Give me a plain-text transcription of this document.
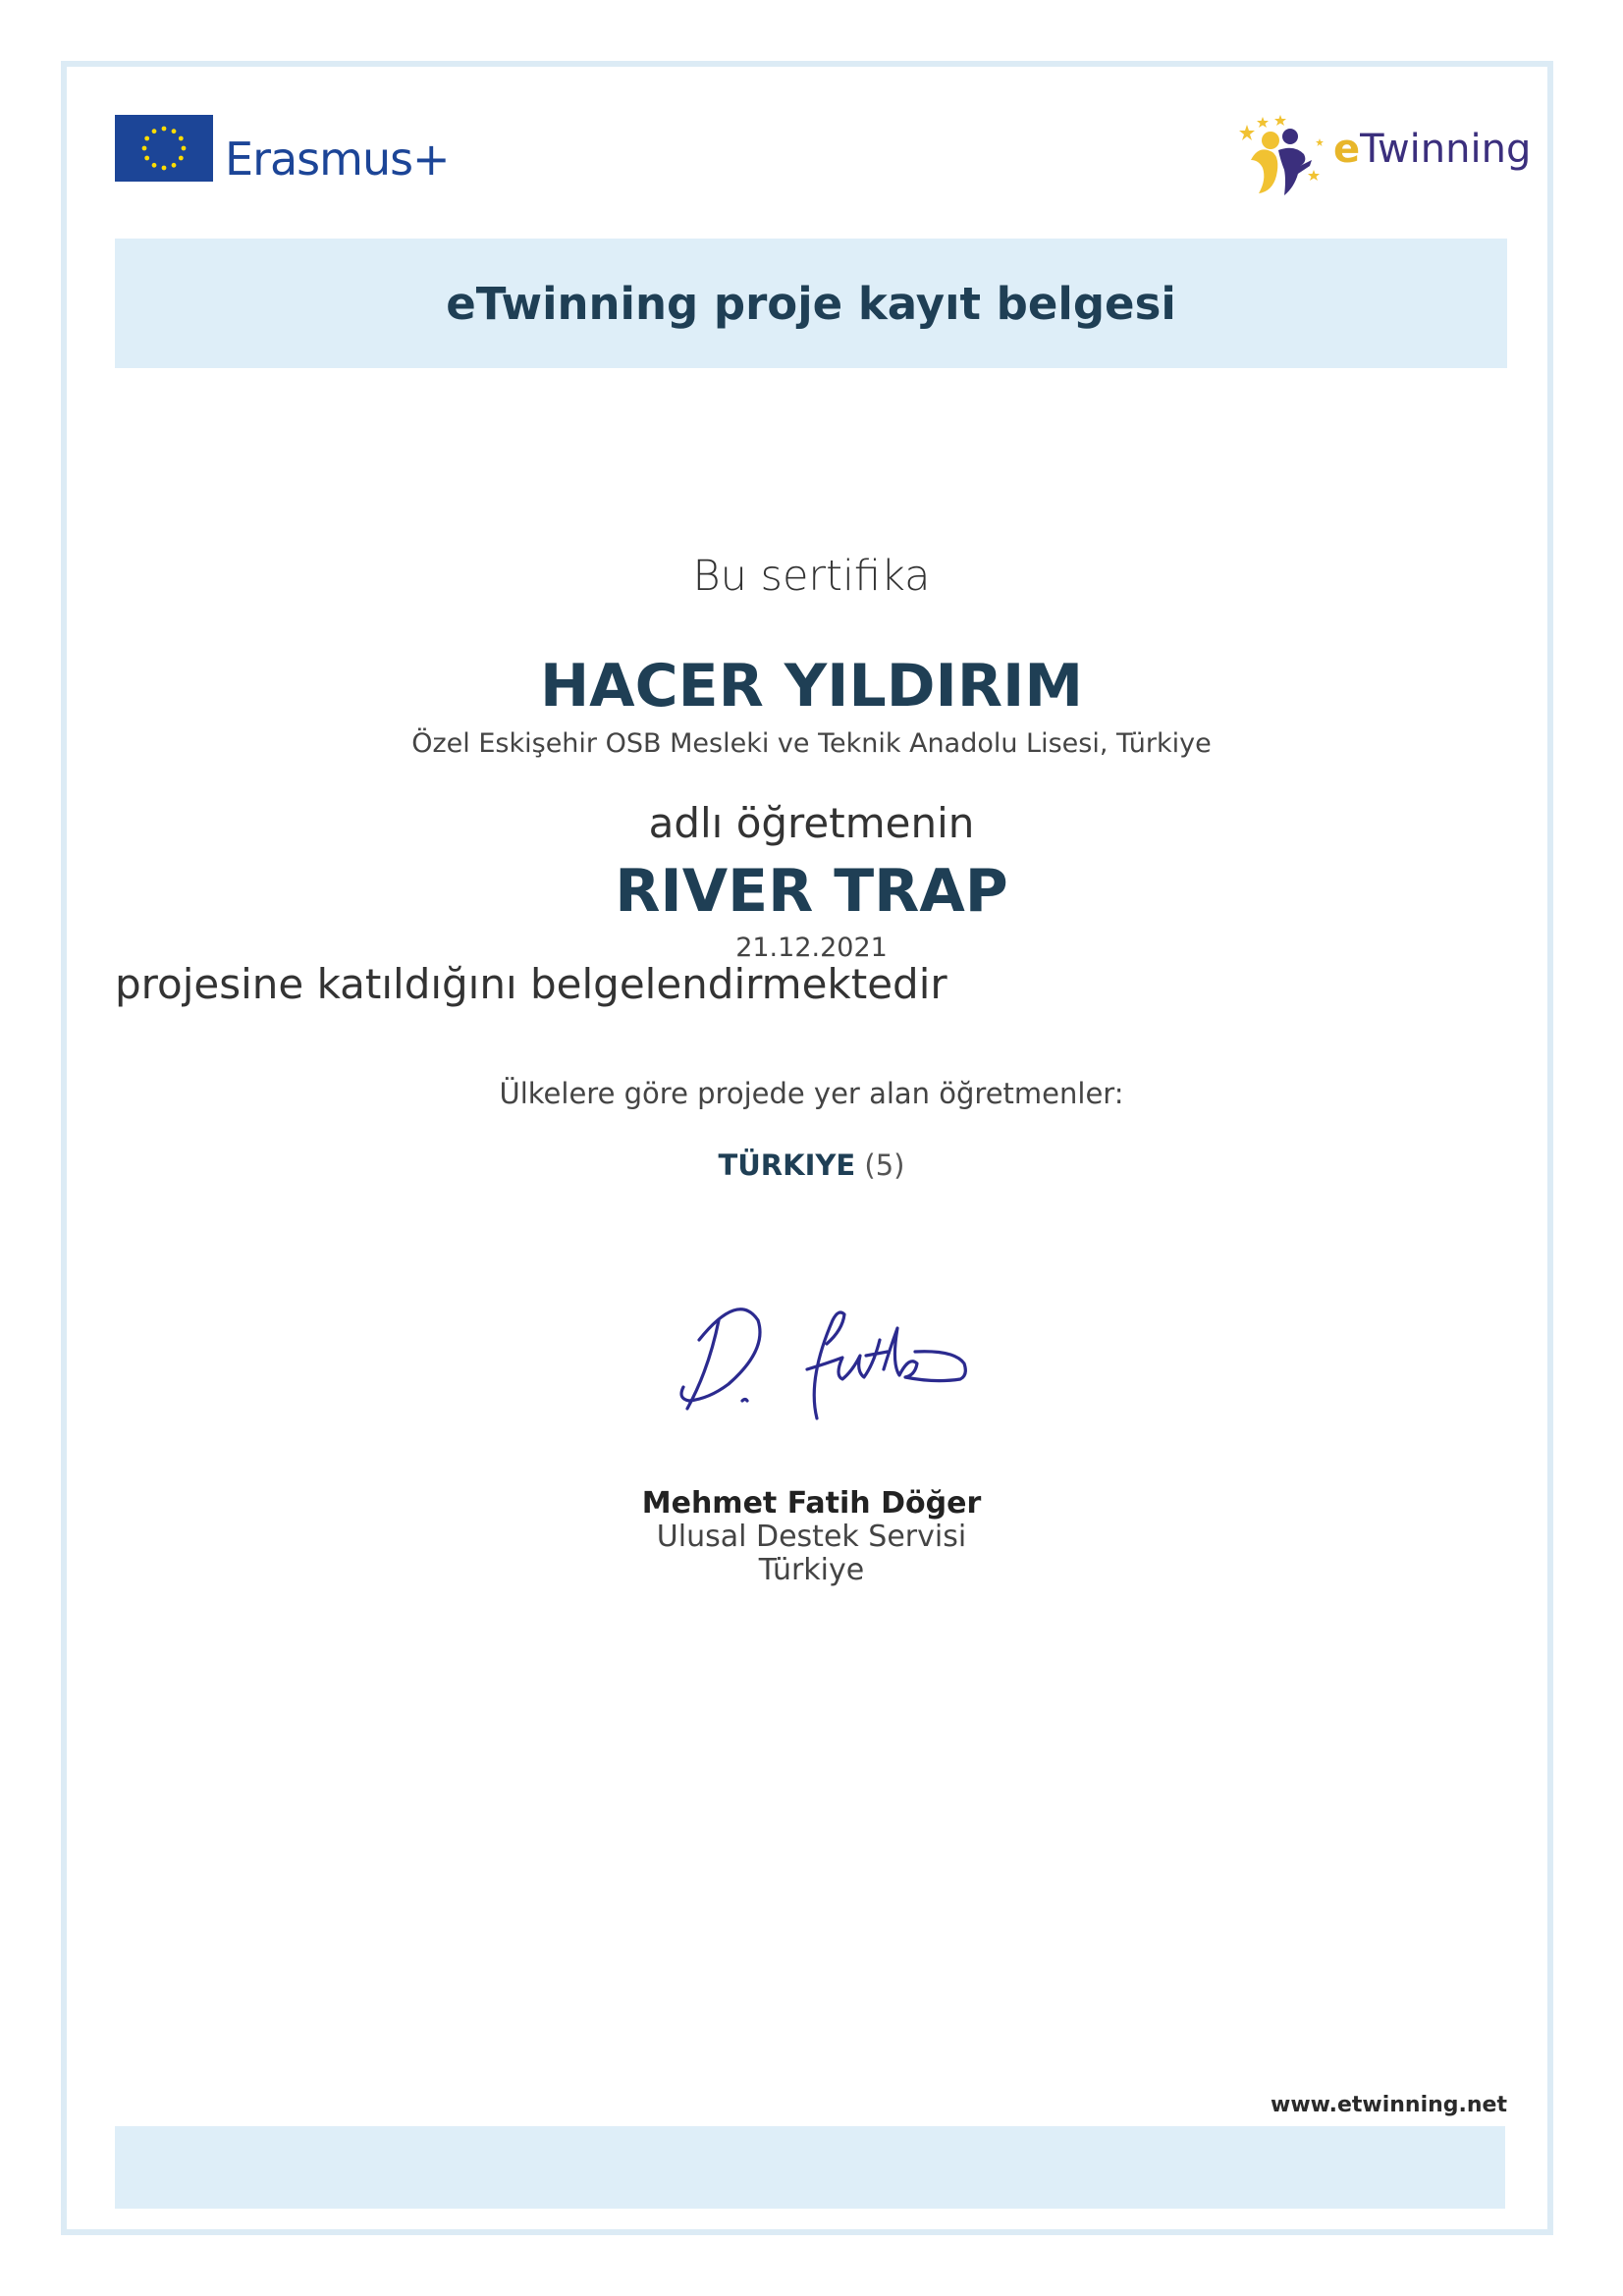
Erasmus+	eTwinning
eTwinning proje kayıt belgesi
Bu sertifika
HACER YILDIRIM
Özel Eskişehir OSB Mesleki ve Teknik Anadolu Lisesi, Türkiye
adlı öğretmenin
RIVER TRAP
21.12.2021
projesine katıldığını belgelendirmektedir
Ülkelere göre projede yer alan öğretmenler:
TÜRKIYE (5)
Mehmet Fatih Döğer
Ulusal Destek Servisi
Türkiye
www.etwinning.net
